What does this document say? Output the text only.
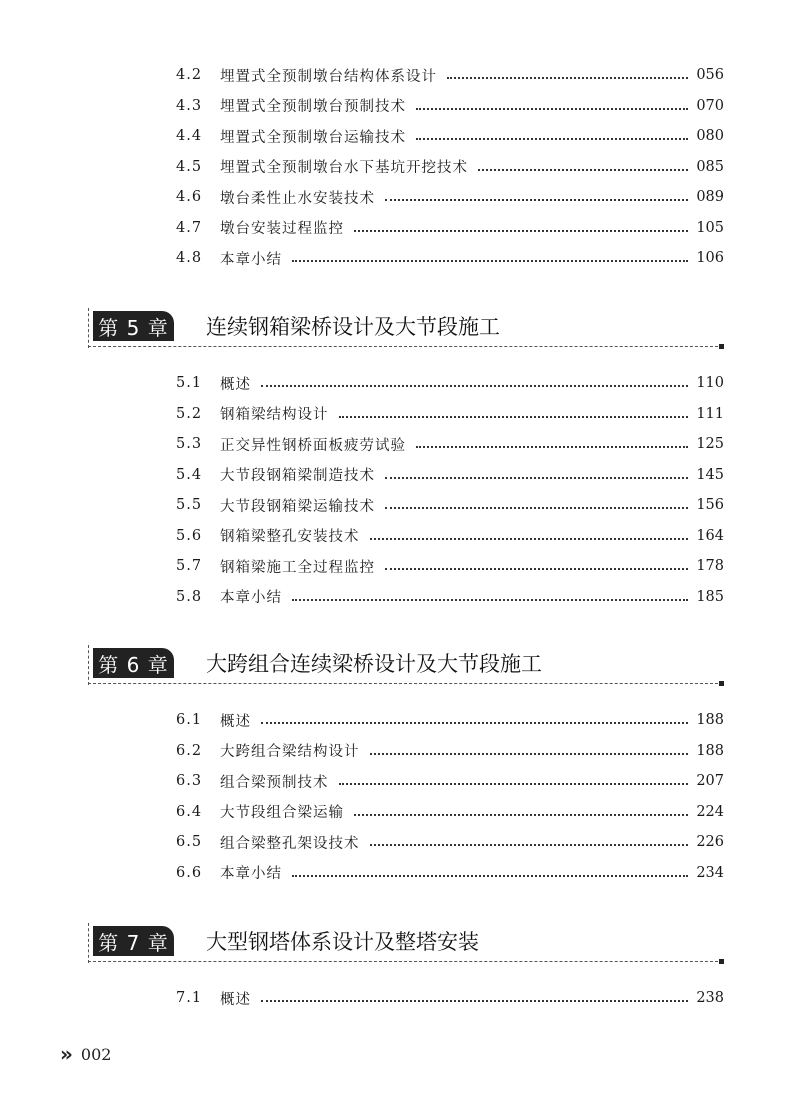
» 002
4.2	埋置式全预制墩台结构体系设计	056
4.3	埋置式全预制墩台预制技术	070
4.4	埋置式全预制墩台运输技术	080
4.5	埋置式全预制墩台水下基坑开挖技术	085
4.6	墩台柔性止水安装技术	089
4.7	墩台安装过程监控	105
4.8	本章小结	106
第 5 章 连续钢箱梁桥设计及大节段施工
5.1	概述	110
5.2	钢箱梁结构设计	111
5.3	正交异性钢桥面板疲劳试验	125
5.4	大节段钢箱梁制造技术	145
5.5	大节段钢箱梁运输技术	156
5.6	钢箱梁整孔安装技术	164
5.7	钢箱梁施工全过程监控	178
5.8	本章小结	185
第 6 章 大跨组合连续梁桥设计及大节段施工
6.1	概述	188
6.2	大跨组合梁结构设计	188
6.3	组合梁预制技术	207
6.4	大节段组合梁运输	224
6.5	组合梁整孔架设技术	226
6.6	本章小结	234
第 7 章 大型钢塔体系设计及整塔安装
7.1	概述	238
